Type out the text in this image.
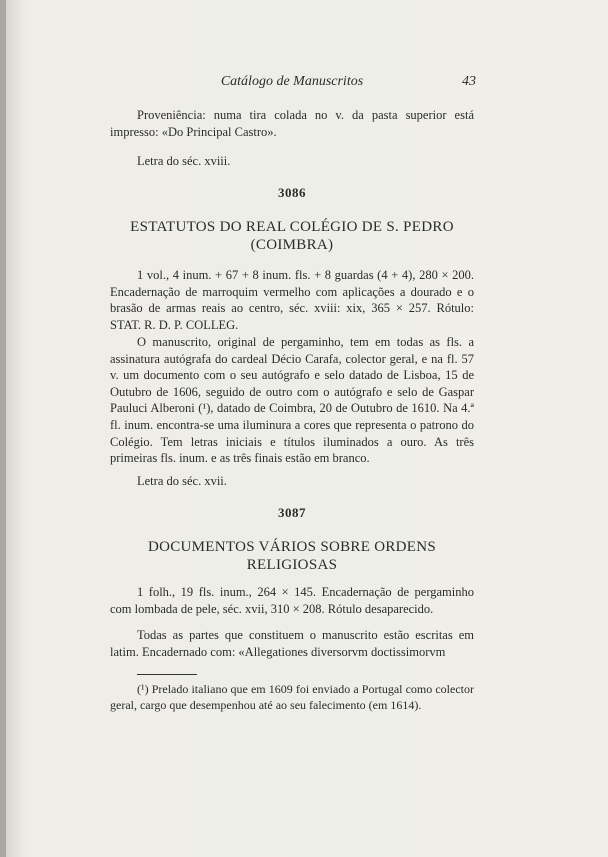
Catálogo de Manuscritos	43

Proveniência: numa tira colada no v. da pasta superior está impresso: «Do Principal Castro».

Letra do séc. xviii.

3086
ESTATUTOS DO REAL COLÉGIO DE S. PEDRO
(COIMBRA)

1 vol., 4 inum. + 67 + 8 inum. fls. + 8 guardas (4 + 4), 280 × 200. Encadernação de marroquim vermelho com aplicações a dourado e o brasão de armas reais ao centro, séc. xviii: xix, 365 × 257. Rótulo: STAT. R. D. P. COLLEG.

O manuscrito, original de pergaminho, tem em todas as fls. a assinatura autógrafa do cardeal Décio Carafa, colector geral, e na fl. 57 v. um documento com o seu autógrafo e selo datado de Lisboa, 15 de Outubro de 1606, seguido de outro com o autógrafo e selo de Gaspar Pauluci Alberoni (¹), datado de Coimbra, 20 de Outubro de 1610. Na 4.ª fl. inum. encontra-se uma iluminura a cores que representa o patrono do Colégio. Tem letras iniciais e títulos iluminados a ouro. As três primeiras fls. inum. e as três finais estão em branco.

Letra do séc. xvii.

3087
DOCUMENTOS VÁRIOS SOBRE ORDENS
RELIGIOSAS

1 folh., 19 fls. inum., 264 × 145. Encadernação de pergaminho com lombada de pele, séc. xvii, 310 × 208. Rótulo desaparecido.

Todas as partes que constituem o manuscrito estão escritas em latim. Encadernado com: «Allegationes diversorvm doctissimorvm

(¹) Prelado italiano que em 1609 foi enviado a Portugal como colector geral, cargo que desempenhou até ao seu falecimento (em 1614).
